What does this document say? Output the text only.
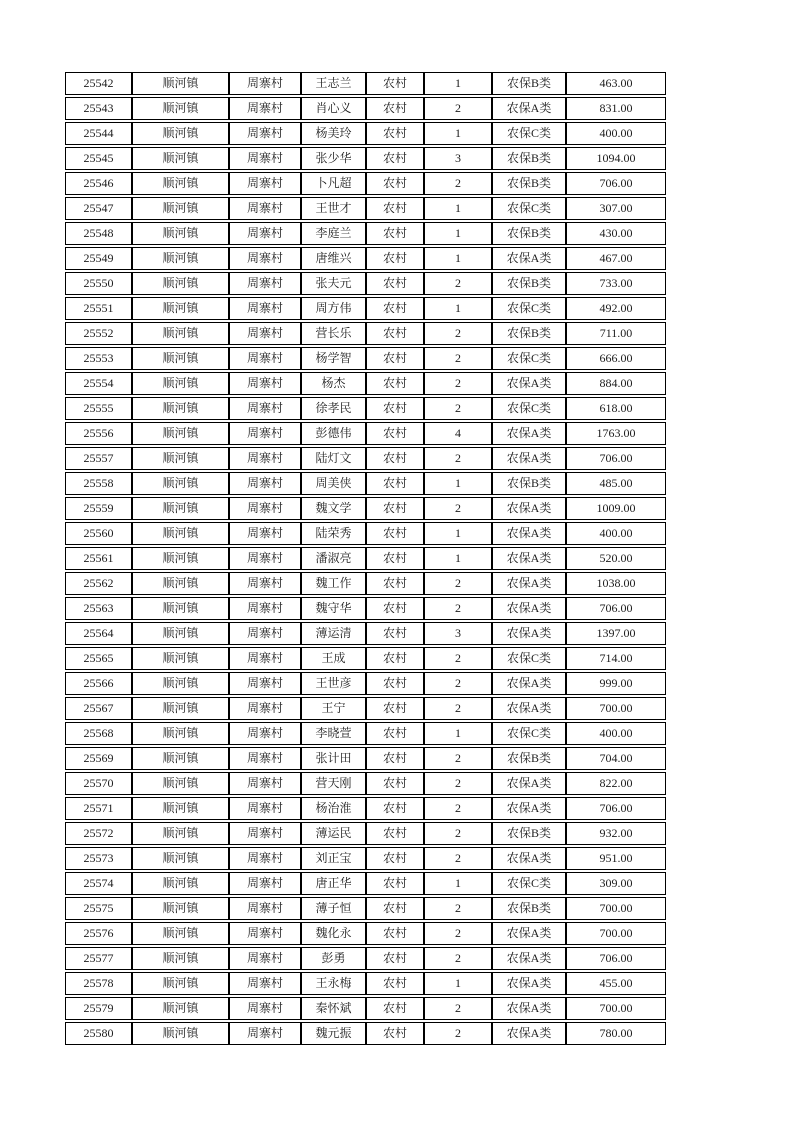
25542	顺河镇	周寨村	王志兰	农村	1	农保B类	463.00
25543	顺河镇	周寨村	肖心义	农村	2	农保A类	831.00
25544	顺河镇	周寨村	杨美玲	农村	1	农保C类	400.00
25545	顺河镇	周寨村	张少华	农村	3	农保B类	1094.00
25546	顺河镇	周寨村	卜凡超	农村	2	农保B类	706.00
25547	顺河镇	周寨村	王世才	农村	1	农保C类	307.00
25548	顺河镇	周寨村	李庭兰	农村	1	农保B类	430.00
25549	顺河镇	周寨村	唐维兴	农村	1	农保A类	467.00
25550	顺河镇	周寨村	张夫元	农村	2	农保B类	733.00
25551	顺河镇	周寨村	周方伟	农村	1	农保C类	492.00
25552	顺河镇	周寨村	营长乐	农村	2	农保B类	711.00
25553	顺河镇	周寨村	杨学智	农村	2	农保C类	666.00
25554	顺河镇	周寨村	杨杰	农村	2	农保A类	884.00
25555	顺河镇	周寨村	徐孝民	农村	2	农保C类	618.00
25556	顺河镇	周寨村	彭德伟	农村	4	农保A类	1763.00
25557	顺河镇	周寨村	陆灯文	农村	2	农保A类	706.00
25558	顺河镇	周寨村	周美侠	农村	1	农保B类	485.00
25559	顺河镇	周寨村	魏文学	农村	2	农保A类	1009.00
25560	顺河镇	周寨村	陆荣秀	农村	1	农保A类	400.00
25561	顺河镇	周寨村	潘淑亮	农村	1	农保A类	520.00
25562	顺河镇	周寨村	魏工作	农村	2	农保A类	1038.00
25563	顺河镇	周寨村	魏守华	农村	2	农保A类	706.00
25564	顺河镇	周寨村	薄运清	农村	3	农保A类	1397.00
25565	顺河镇	周寨村	王成	农村	2	农保C类	714.00
25566	顺河镇	周寨村	王世彦	农村	2	农保A类	999.00
25567	顺河镇	周寨村	王宁	农村	2	农保A类	700.00
25568	顺河镇	周寨村	李晓萱	农村	1	农保C类	400.00
25569	顺河镇	周寨村	张计田	农村	2	农保B类	704.00
25570	顺河镇	周寨村	营天刚	农村	2	农保A类	822.00
25571	顺河镇	周寨村	杨治淮	农村	2	农保A类	706.00
25572	顺河镇	周寨村	薄运民	农村	2	农保B类	932.00
25573	顺河镇	周寨村	刘正宝	农村	2	农保A类	951.00
25574	顺河镇	周寨村	唐正华	农村	1	农保C类	309.00
25575	顺河镇	周寨村	薄子恒	农村	2	农保B类	700.00
25576	顺河镇	周寨村	魏化永	农村	2	农保A类	700.00
25577	顺河镇	周寨村	彭勇	农村	2	农保A类	706.00
25578	顺河镇	周寨村	王永梅	农村	1	农保A类	455.00
25579	顺河镇	周寨村	秦怀斌	农村	2	农保A类	700.00
25580	顺河镇	周寨村	魏元振	农村	2	农保A类	780.00
